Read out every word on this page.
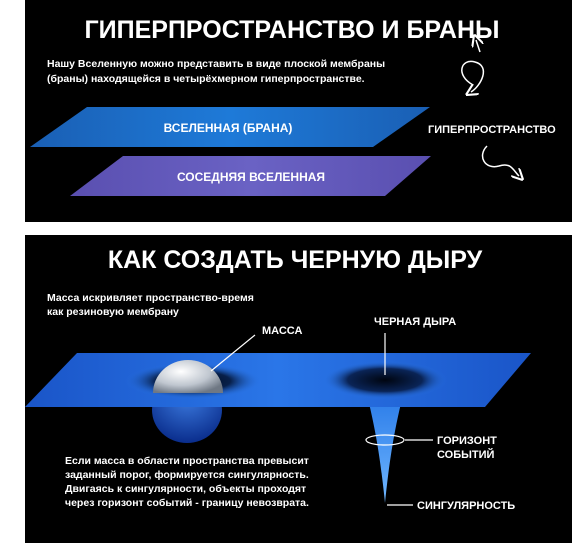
ГИПЕРПРОСТРАНСТВО И БРАНЫ
Нашу Вселенную можно представить в виде плоской мембраны
(браны) находящейся в четырёхмерном гиперпространстве.
ВСЕЛЕННАЯ (БРАНА)
СОСЕДНЯЯ ВСЕЛЕННАЯ
ГИПЕРПРОСТРАНСТВО
КАК СОЗДАТЬ ЧЕРНУЮ ДЫРУ
Масса искривляет пространство-время
как резиновую мембрану
МАССА
ЧЕРНАЯ ДЫРА
ГОРИЗОНТ
СОБЫТИЙ
СИНГУЛЯРНОСТЬ
Если масса в области пространства превысит
заданный порог, формируется сингулярность.
Двигаясь к сингулярности, объекты проходят
через горизонт событий - границу невозврата.
